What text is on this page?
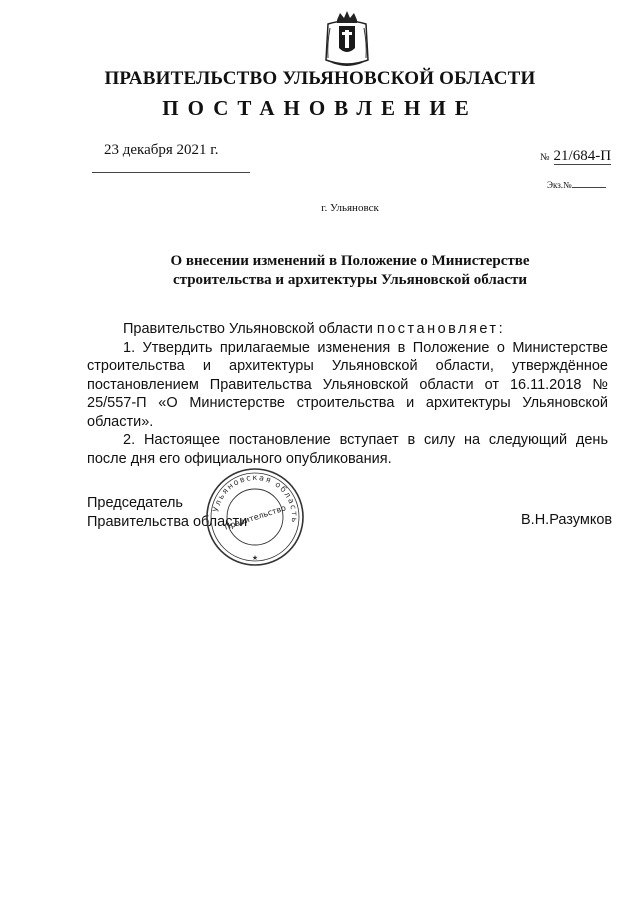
ПРАВИТЕЛЬСТВО УЛЬЯНОВСКОЙ ОБЛАСТИ
ПОСТАНОВЛЕНИЕ
23 декабря 2021 г.	№ 21/684-П
Экз.№
г. Ульяновск
О внесении изменений в Положение о Министерстве
строительства и архитектуры Ульяновской области

Правительство Ульяновской области постановляет:

1. Утвердить прилагаемые изменения в Положение о Министерстве строительства и архитектуры Ульяновской области, утверждённое постановлением Правительства Ульяновской области от 16.11.2018 № 25/557-П «О Министерстве строительства и архитектуры Ульяновской области».

2. Настоящее постановление вступает в силу на следующий день после дня его официального опубликования.

Председатель
Правительства области	В.Н.Разумков
Ульяновская область
Правительство
★
